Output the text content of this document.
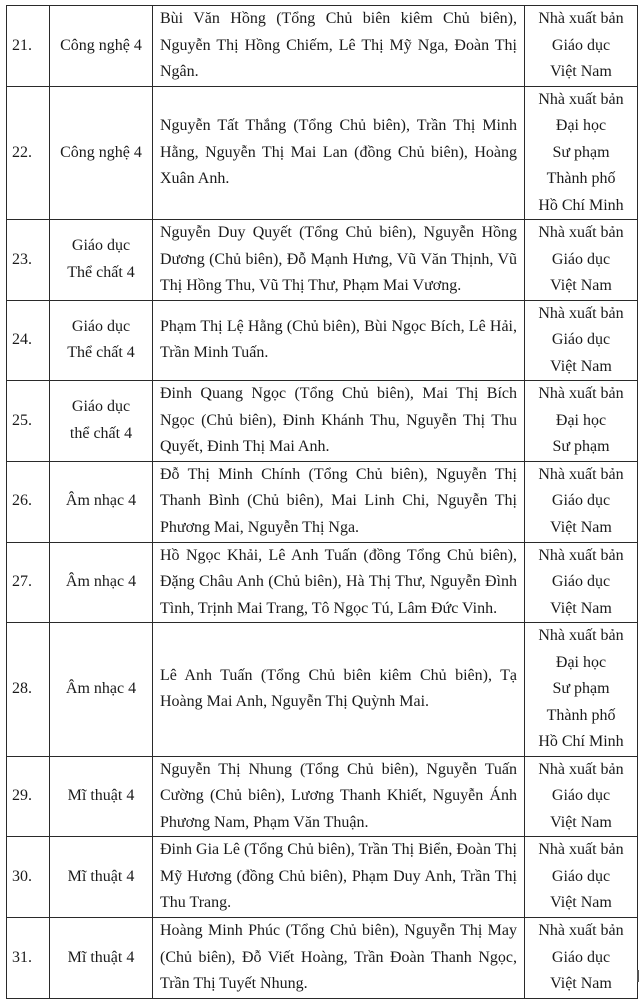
21.	Công nghệ 4	Bùi Văn Hồng (Tổng Chủ biên kiêm Chủ biên), Nguyễn Thị Hồng Chiếm, Lê Thị Mỹ Nga, Đoàn Thị Ngân.	Nhà xuất bản
Giáo dục
Việt Nam

22.	Công nghệ 4	Nguyễn Tất Thắng (Tổng Chủ biên), Trần Thị Minh Hằng, Nguyễn Thị Mai Lan (đồng Chủ biên), Hoàng Xuân Anh.	Nhà xuất bản
Đại học
Sư phạm
Thành phố
Hồ Chí Minh

23.	Giáo dục
Thể chất 4	Nguyễn Duy Quyết (Tổng Chủ biên), Nguyễn Hồng Dương (Chủ biên), Đỗ Mạnh Hưng, Vũ Văn Thịnh, Vũ Thị Hồng Thu, Vũ Thị Thư, Phạm Mai Vương.	Nhà xuất bản
Giáo dục
Việt Nam

24.	Giáo dục
Thể chất 4	Phạm Thị Lệ Hằng (Chủ biên), Bùi Ngọc Bích, Lê Hải, Trần Minh Tuấn.	Nhà xuất bản
Giáo dục
Việt Nam

25.	Giáo dục
thể chất 4	Đinh Quang Ngọc (Tổng Chủ biên), Mai Thị Bích Ngọc (Chủ biên), Đinh Khánh Thu, Nguyễn Thị Thu Quyết, Đinh Thị Mai Anh.	Nhà xuất bản
Đại học
Sư phạm

26.	Âm nhạc 4	Đỗ Thị Minh Chính (Tổng Chủ biên), Nguyễn Thị Thanh Bình (Chủ biên), Mai Linh Chi, Nguyễn Thị Phương Mai, Nguyễn Thị Nga.	Nhà xuất bản
Giáo dục
Việt Nam

27.	Âm nhạc 4	Hồ Ngọc Khải, Lê Anh Tuấn (đồng Tổng Chủ biên), Đặng Châu Anh (Chủ biên), Hà Thị Thư, Nguyễn Đình Tình, Trịnh Mai Trang, Tô Ngọc Tú, Lâm Đức Vinh.	Nhà xuất bản
Giáo dục
Việt Nam

28.	Âm nhạc 4	Lê Anh Tuấn (Tổng Chủ biên kiêm Chủ biên), Tạ Hoàng Mai Anh, Nguyễn Thị Quỳnh Mai.	Nhà xuất bản
Đại học
Sư phạm
Thành phố
Hồ Chí Minh

29.	Mĩ thuật 4	Nguyễn Thị Nhung (Tổng Chủ biên), Nguyễn Tuấn Cường (Chủ biên), Lương Thanh Khiết, Nguyễn Ánh Phương Nam, Phạm Văn Thuận.	Nhà xuất bản
Giáo dục
Việt Nam

30.	Mĩ thuật 4	Đinh Gia Lê (Tổng Chủ biên), Trần Thị Biển, Đoàn Thị Mỹ Hương (đồng Chủ biên), Phạm Duy Anh, Trần Thị Thu Trang.	Nhà xuất bản
Giáo dục
Việt Nam

31.	Mĩ thuật 4	Hoàng Minh Phúc (Tổng Chủ biên), Nguyễn Thị May (Chủ biên), Đỗ Viết Hoàng, Trần Đoàn Thanh Ngọc, Trần Thị Tuyết Nhung.	Nhà xuất bản
Giáo dục
Việt Nam
